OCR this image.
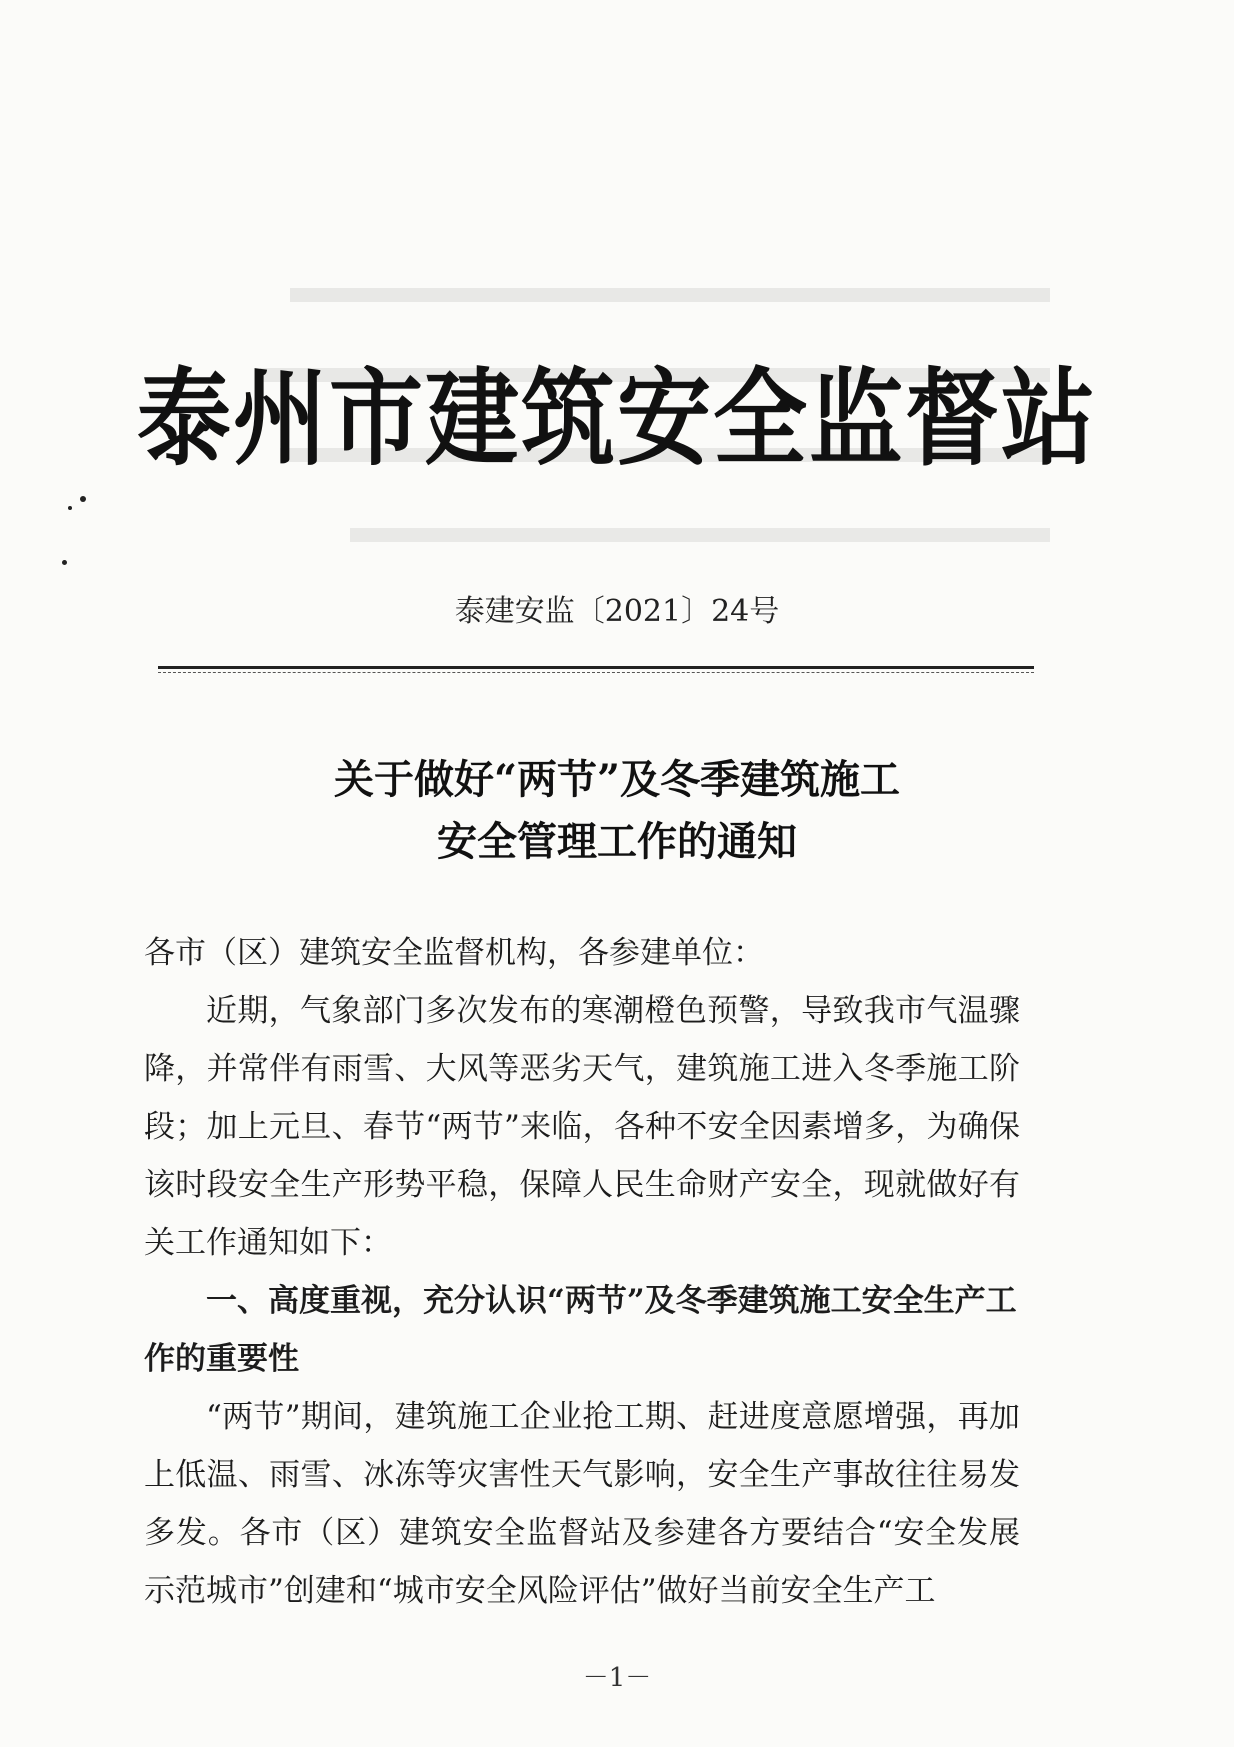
泰州市建筑安全监督站
泰建安监〔2021〕24号
关于做好“两节”及冬季建筑施工
安全管理工作的通知

各市（区）建筑安全监督机构，各参建单位：

近期，气象部门多次发布的寒潮橙色预警，导致我市气温骤降，并常伴有雨雪、大风等恶劣天气，建筑施工进入冬季施工阶段；加上元旦、春节“两节”来临，各种不安全因素增多，为确保该时段安全生产形势平稳，保障人民生命财产安全，现就做好有关工作通知如下：

一、高度重视，充分认识“两节”及冬季建筑施工安全生产工作的重要性

“两节”期间，建筑施工企业抢工期、赶进度意愿增强，再加上低温、雨雪、冰冻等灾害性天气影响，安全生产事故往往易发多发。各市（区）建筑安全监督站及参建各方要结合“安全发展示范城市”创建和“城市安全风险评估”做好当前安全生产工

－1－
